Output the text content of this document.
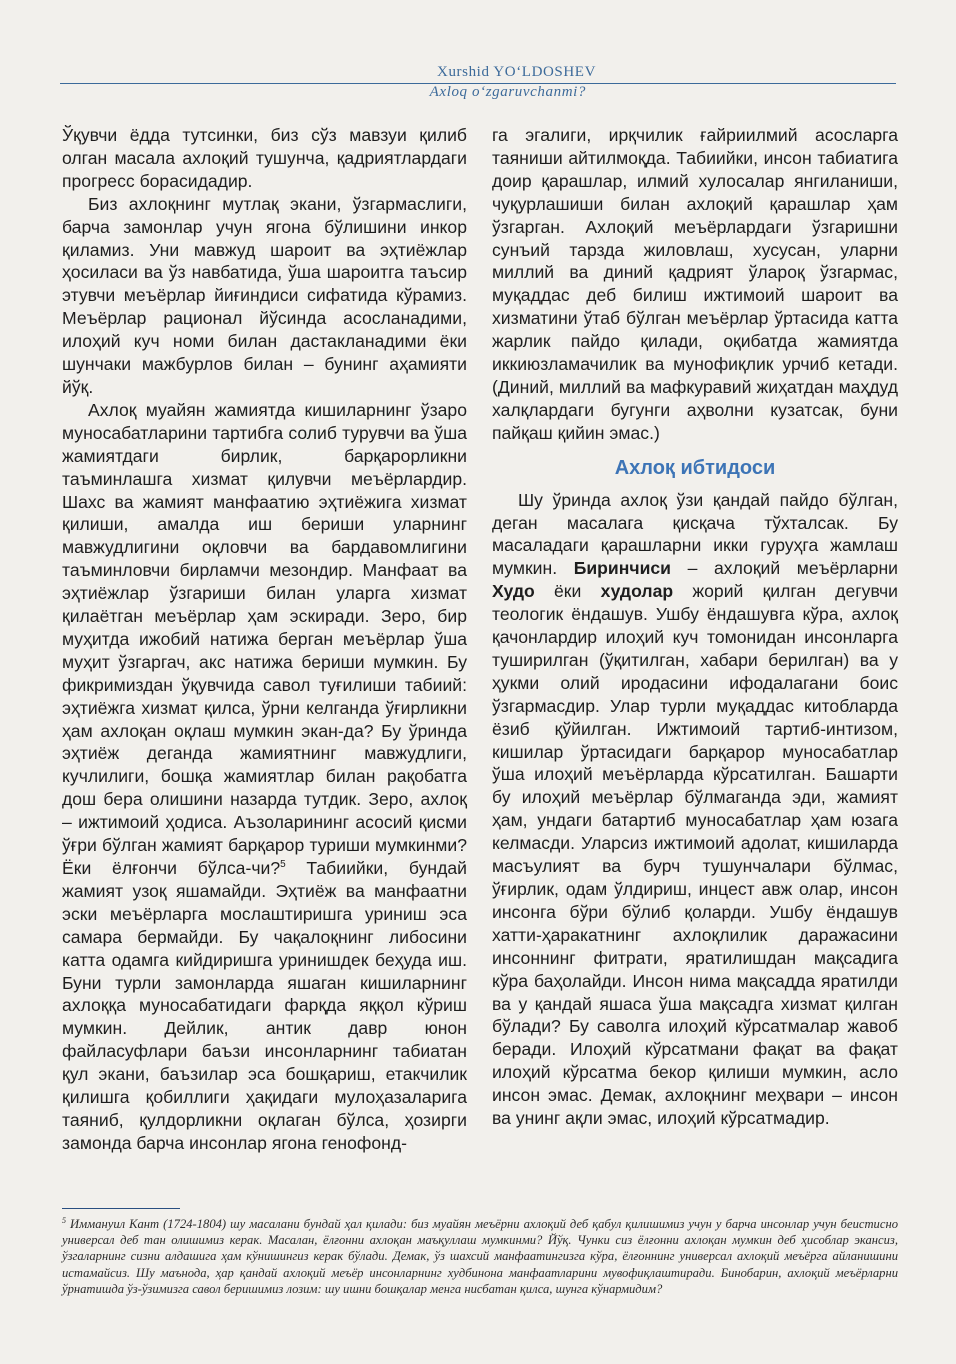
Xurshid YO‘LDOSHEV
Axloq o‘zgaruvchanmi?

Ўқувчи ёдда тутсинки, биз сўз мавзуи қилиб олган масала ахлоқий тушунча, қадриятлардаги прогресс борасидадир.

Биз ахлоқнинг мутлақ экани, ўзгармаслиги, барча замонлар учун ягона бўлишини инкор қиламиз. Уни мавжуд шароит ва эҳтиёжлар ҳосиласи ва ўз навбатида, ўша шароитга таъсир этувчи меъёрлар йиғиндиси сифатида кўрамиз. Меъёрлар рационал йўсинда асосланадими, илоҳий куч номи билан дастакланадими ёки шунчаки мажбурлов билан – бунинг аҳамияти йўқ.

Ахлоқ муайян жамиятда кишиларнинг ўзаро муносабатларини тартибга солиб турувчи ва ўша жамиятдаги бирлик, барқарорликни таъминлашга хизмат қилувчи меъёрлардир. Шахс ва жамият манфаатию эҳтиёжига хизмат қилиши, амалда иш бериши уларнинг мавжудлигини оқловчи ва бардавомлигини таъминловчи бирламчи мезондир. Манфаат ва эҳтиёжлар ўзгариши билан уларга хизмат қилаётган меъёрлар ҳам эскиради. Зеро, бир муҳитда ижобий натижа берган меъёрлар ўша муҳит ўзгаргач, акс натижа бериши мумкин. Бу фикримиздан ўқувчида савол туғилиши табиий: эҳтиёжга хизмат қилса, ўрни келганда ўғирликни ҳам ахлоқан оқлаш мумкин экан-да? Бу ўринда эҳтиёж деганда жамиятнинг мавжудлиги, кучлилиги, бошқа жамиятлар билан рақобатга дош бера олишини назарда тутдик. Зеро, ахлоқ – ижтимоий ҳодиса. Аъзоларининг асосий қисми ўғри бўлган жамият барқарор туриши мумкинми? Ёки ёлғончи бўлса-чи?$^5$ Табиийки, бундай жамият узоқ яшамайди. Эҳтиёж ва манфаатни эски меъёрларга мослаштиришга уриниш эса самара бермайди. Бу чақалоқнинг либосини катта одамга кийдиришга уринишдек беҳуда иш. Буни турли замонларда яшаган кишиларнинг ахлоққа муносабатидаги фарқда яққол кўриш мумкин. Дейлик, антик давр юнон файласуфлари баъзи инсонларнинг табиатан қул экани, баъзилар эса бошқариш, етакчилик қилишга қобиллиги ҳақидаги мулоҳазаларига таяниб, қулдорликни оқлаган бўлса, ҳозирги замонда барча инсонлар ягона генофонд-

га эгалиги, ирқчилик ғайриилмий асосларга таяниши айтилмоқда. Табиийки, инсон табиатига доир қарашлар, илмий хулосалар янгиланиши, чуқурлашиши билан ахлоқий қарашлар ҳам ўзгарган. Ахлоқий меъёрлардаги ўзгаришни сунъий тарзда жиловлаш, хусусан, уларни миллий ва диний қадрият ўлароқ ўзгармас, муқаддас деб билиш ижтимоий шароит ва хизматини ўтаб бўлган меъёрлар ўртасида катта жарлик пайдо қилади, оқибатда жамиятда иккиюзламачилик ва мунофиқлик урчиб кетади. (Диний, миллий ва мафкуравий жиҳатдан маҳдуд халқлардаги бугунги аҳволни кузатсак, буни пайқаш қийин эмас.)

Ахлоқ ибтидоси

Шу ўринда ахлоқ ўзи қандай пайдо бўлган, деган масалага қисқача тўхталсак. Бу масаладаги қарашларни икки гуруҳга жамлаш мумкин. Биринчиси – ахлоқий меъёрларни Худо ёки худолар жорий қилган дегувчи теологик ёндашув. Ушбу ёндашувга кўра, ахлоқ қачонлардир илоҳий куч томонидан инсонларга туширилган (ўқитилган, хабари берилган) ва у ҳукми олий иродасини ифодалагани боис ўзгармасдир. Улар турли муқаддас китобларда ёзиб қўйилган. Ижтимоий тартиб-интизом, кишилар ўртасидаги барқарор муносабатлар ўша илоҳий меъёрларда кўрсатилган. Башарти бу илоҳий меъёрлар бўлмаганда эди, жамият ҳам, ундаги батартиб муносабатлар ҳам юзага келмасди. Уларсиз ижтимоий адолат, кишиларда масъулият ва бурч тушунчалари бўлмас, ўғирлик, одам ўлдириш, инцест авж олар, инсон инсонга бўри бўлиб қоларди. Ушбу ёндашув хатти-ҳаракатнинг ахлоқлилик даражасини инсоннинг фитрати, яратилишдан мақсадига кўра баҳолайди. Инсон нима мақсадда яратилди ва у қандай яшаса ўша мақсадга хизмат қилган бўлади? Бу саволга илоҳий кўрсатмалар жавоб беради. Илоҳий кўрсатмани фақат ва фақат илоҳий кўрсатма бекор қилиши мумкин, асло инсон эмас. Демак, ахлоқнинг меҳвари – инсон ва унинг ақли эмас, илоҳий кўрсатмадир.

$^5$ Иммануил Кант (1724-1804) шу масалани бундай ҳал қилади: биз муайян меъёрни ахлоқий деб қабул қилишимиз учун у барча инсонлар учун беистисно универсал деб тан олишимиз керак. Масалан, ёлғонни ахлоқан маъқуллаш мумкинми? Йўқ. Чунки сиз ёлғонни ахлоқан мумкин деб ҳисоблар экансиз, ўзгаларнинг сизни алдашига ҳам кўнишингиз керак бўлади. Демак, ўз шахсий манфаатингизга кўра, ёлғоннинг универсал ахлоқий меъёрга айланишини истамайсиз. Шу маънода, ҳар қандай ахлоқий меъёр инсонларнинг худбинона манфаатларини мувофиқлаштиради. Бинобарин, ахлоқий меъёрларни ўрнатишда ўз-ўзимизга савол беришимиз лозим: шу ишни бошқалар менга нисбатан қилса, шунга кўнармидим?
